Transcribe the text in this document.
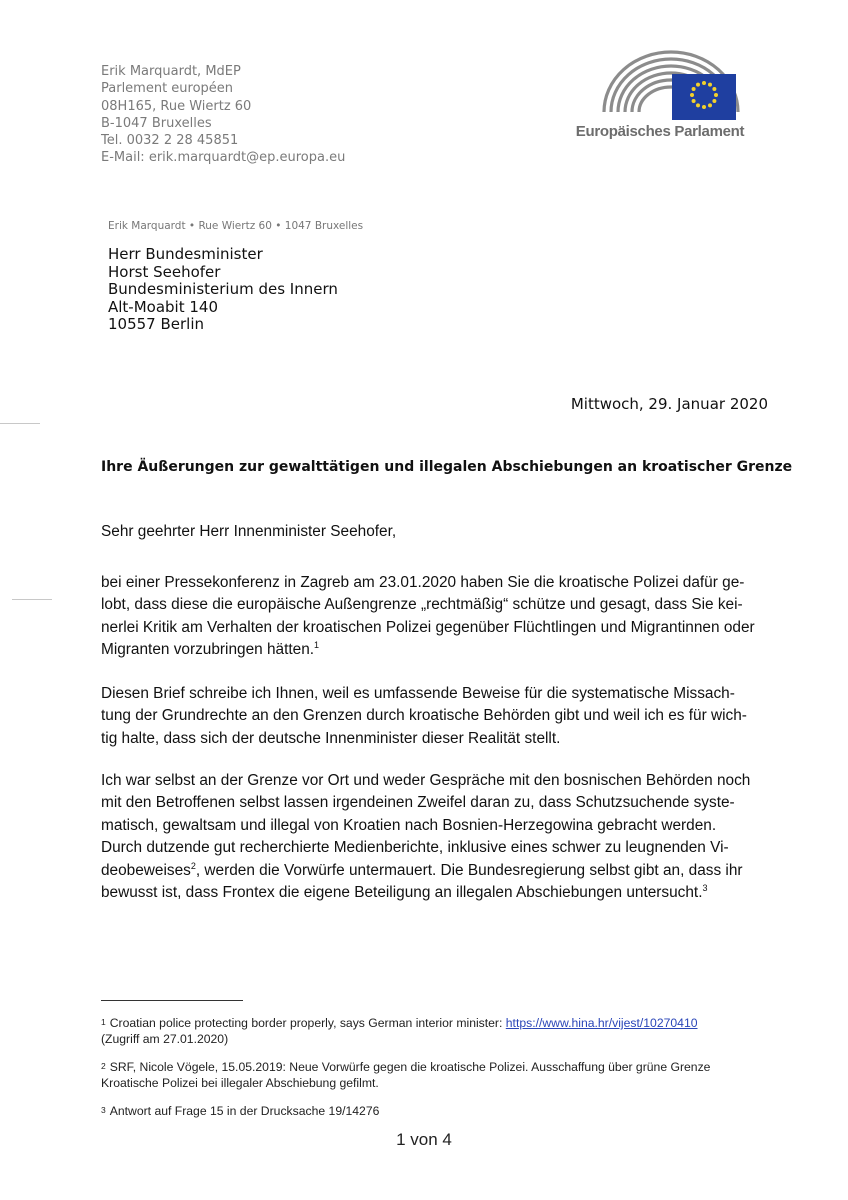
Erik Marquardt, MdEP
Parlement européen
08H165, Rue Wiertz 60
B-1047 Bruxelles
Tel. 0032 2 28 45851
E-Mail: erik.marquardt@ep.europa.eu
Europäisches Parlament
Erik Marquardt • Rue Wiertz 60 • 1047 Bruxelles
Herr Bundesminister
Horst Seehofer
Bundesministerium des Innern
Alt-Moabit 140
10557 Berlin
Mittwoch, 29. Januar 2020
Ihre Äußerungen zur gewalttätigen und illegalen Abschiebungen an kroatischer Grenze
Sehr geehrter Herr Innenminister Seehofer,
bei einer Pressekonferenz in Zagreb am 23.01.2020 haben Sie die kroatische Polizei dafür ge-
lobt, dass diese die europäische Außengrenze „rechtmäßig“ schütze und gesagt, dass Sie kei-
nerlei Kritik am Verhalten der kroatischen Polizei gegenüber Flüchtlingen und Migrantinnen oder
Migranten vorzubringen hätten.$^1$
Diesen Brief schreibe ich Ihnen, weil es umfassende Beweise für die systematische Missach-
tung der Grundrechte an den Grenzen durch kroatische Behörden gibt und weil ich es für wich-
tig halte, dass sich der deutsche Innenminister dieser Realität stellt.
Ich war selbst an der Grenze vor Ort und weder Gespräche mit den bosnischen Behörden noch
mit den Betroffenen selbst lassen irgendeinen Zweifel daran zu, dass Schutzsuchende syste-
matisch, gewaltsam und illegal von Kroatien nach Bosnien-Herzegowina gebracht werden.
Durch dutzende gut recherchierte Medienberichte, inklusive eines schwer zu leugnenden Vi-
deobeweises$^2$, werden die Vorwürfe untermauert. Die Bundesregierung selbst gibt an, dass ihr
bewusst ist, dass Frontex die eigene Beteiligung an illegalen Abschiebungen untersucht.$^3$
1 Croatian police protecting border properly, says German interior minister: https://www.hina.hr/vijest/10270410
(Zugriff am 27.01.2020)
2 SRF, Nicole Vögele, 15.05.2019: Neue Vorwürfe gegen die kroatische Polizei. Ausschaffung über grüne Grenze
Kroatische Polizei bei illegaler Abschiebung gefilmt.
3 Antwort auf Frage 15 in der Drucksache 19/14276
1 von 4
